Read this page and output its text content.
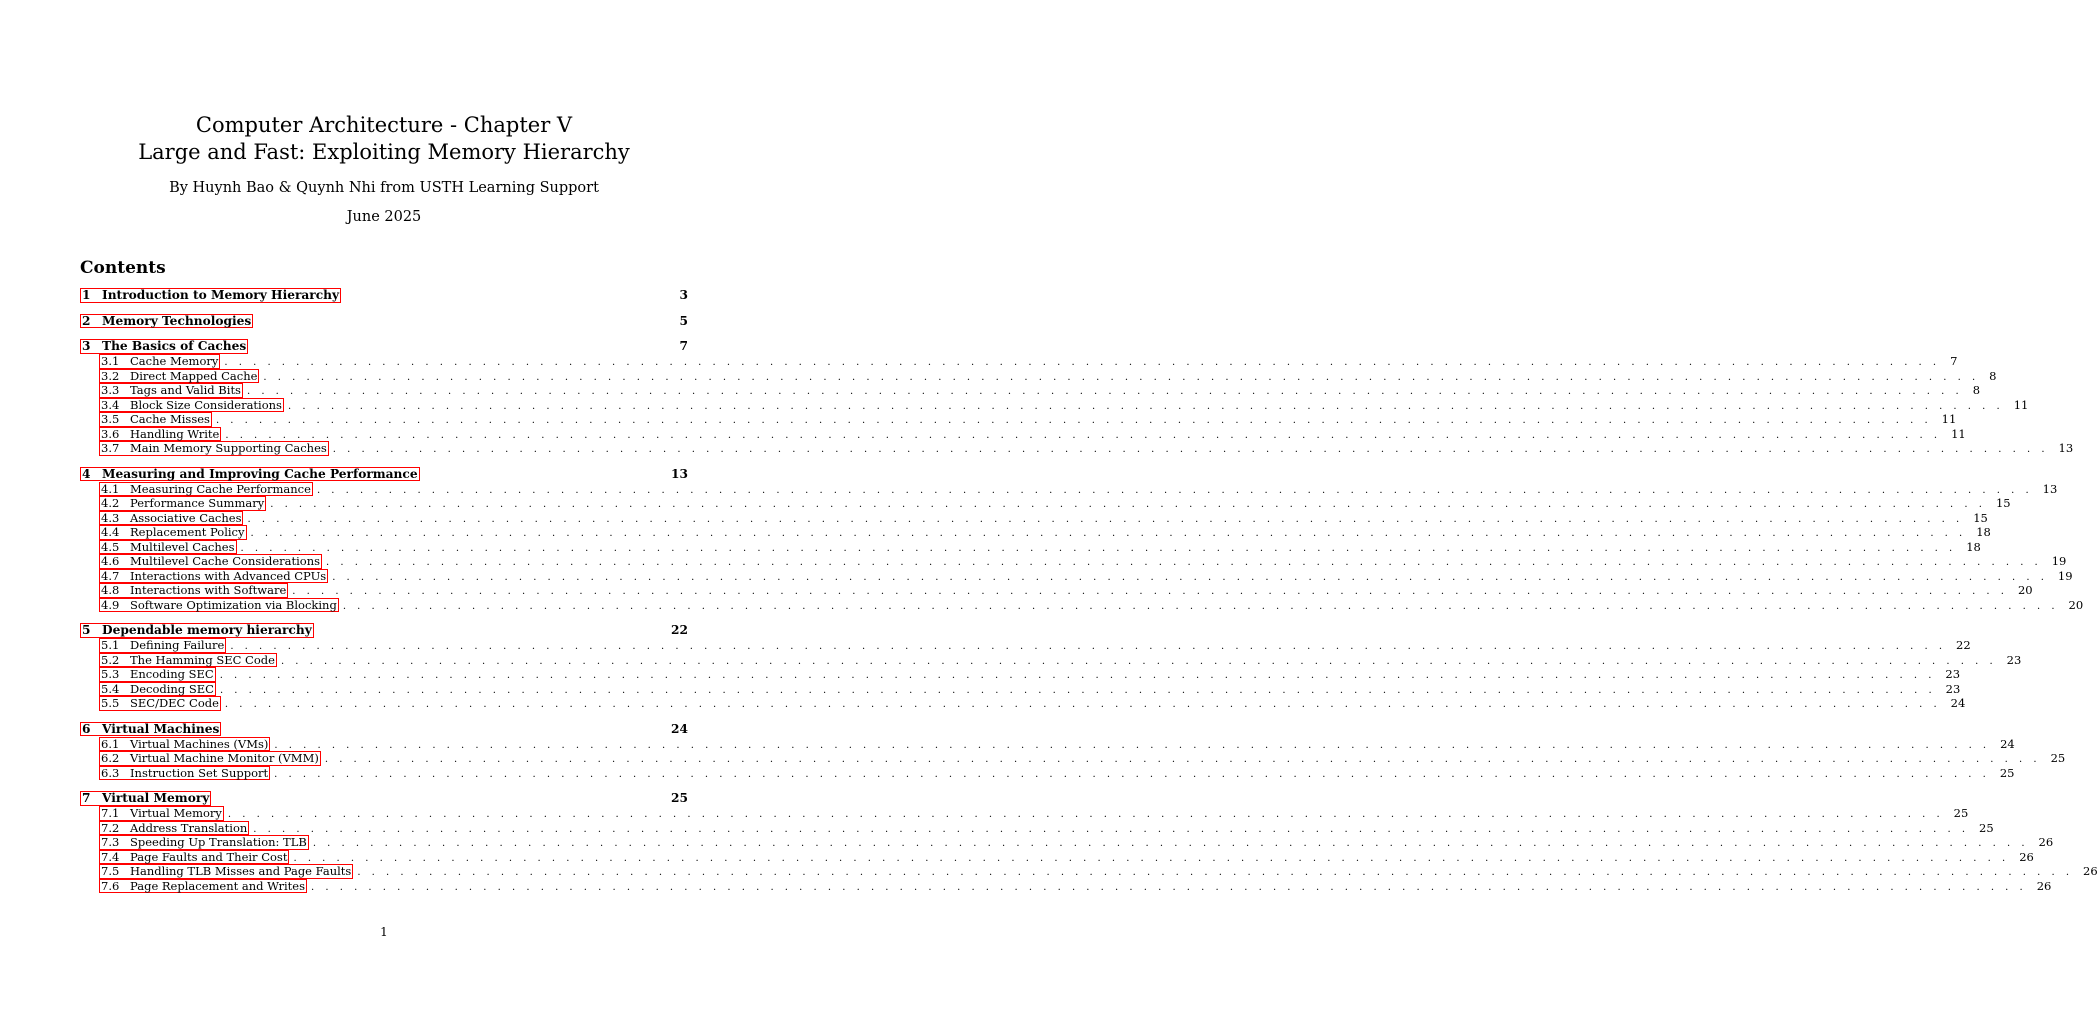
Computer Architecture - Chapter V
Large and Fast: Exploiting Memory Hierarchy
By Huynh Bao & Quynh Nhi from USTH Learning Support
June 2025
Contents
1 Introduction to Memory Hierarchy	3
2 Memory Technologies	5
3 The Basics of Caches	7
3.1 Cache Memory . . . . . . . . . . . . . . . . . . . . . . . . . . . . . . . . . . . . . . . . . . . . . . . . . . . . . . . . . . . . . . . . . . . . . . . . . . . . . . . . . . . . . . . . . . . . . . . . . . . . . . . . . . . . . . . . . . . . . . . . 7
3.2 Direct Mapped Cache . . . . . . . . . . . . . . . . . . . . . . . . . . . . . . . . . . . . . . . . . . . . . . . . . . . . . . . . . . . . . . . . . . . . . . . . . . . . . . . . . . . . . . . . . . . . . . . . . . . . . . . . . . . . . . . . . . . . . . . . 8
3.3 Tags and Valid Bits . . . . . . . . . . . . . . . . . . . . . . . . . . . . . . . . . . . . . . . . . . . . . . . . . . . . . . . . . . . . . . . . . . . . . . . . . . . . . . . . . . . . . . . . . . . . . . . . . . . . . . . . . . . . . . . . . . . . . . . . 8
3.4 Block Size Considerations . . . . . . . . . . . . . . . . . . . . . . . . . . . . . . . . . . . . . . . . . . . . . . . . . . . . . . . . . . . . . . . . . . . . . . . . . . . . . . . . . . . . . . . . . . . . . . . . . . . . . . . . . . . . . . . . . . . . . . . . 11
3.5 Cache Misses . . . . . . . . . . . . . . . . . . . . . . . . . . . . . . . . . . . . . . . . . . . . . . . . . . . . . . . . . . . . . . . . . . . . . . . . . . . . . . . . . . . . . . . . . . . . . . . . . . . . . . . . . . . . . . . . . . . . . . . . 11
3.6 Handling Write . . . . . . . . . . . . . . . . . . . . . . . . . . . . . . . . . . . . . . . . . . . . . . . . . . . . . . . . . . . . . . . . . . . . . . . . . . . . . . . . . . . . . . . . . . . . . . . . . . . . . . . . . . . . . . . . . . . . . . . . 11
3.7 Main Memory Supporting Caches . . . . . . . . . . . . . . . . . . . . . . . . . . . . . . . . . . . . . . . . . . . . . . . . . . . . . . . . . . . . . . . . . . . . . . . . . . . . . . . . . . . . . . . . . . . . . . . . . . . . . . . . . . . . . . . . . . . . . . . . 13
4 Measuring and Improving Cache Performance	13
4.1 Measuring Cache Performance . . . . . . . . . . . . . . . . . . . . . . . . . . . . . . . . . . . . . . . . . . . . . . . . . . . . . . . . . . . . . . . . . . . . . . . . . . . . . . . . . . . . . . . . . . . . . . . . . . . . . . . . . . . . . . . . . . . . . . . . 13
4.2 Performance Summary . . . . . . . . . . . . . . . . . . . . . . . . . . . . . . . . . . . . . . . . . . . . . . . . . . . . . . . . . . . . . . . . . . . . . . . . . . . . . . . . . . . . . . . . . . . . . . . . . . . . . . . . . . . . . . . . . . . . . . . . 15
4.3 Associative Caches . . . . . . . . . . . . . . . . . . . . . . . . . . . . . . . . . . . . . . . . . . . . . . . . . . . . . . . . . . . . . . . . . . . . . . . . . . . . . . . . . . . . . . . . . . . . . . . . . . . . . . . . . . . . . . . . . . . . . . . . 15
4.4 Replacement Policy . . . . . . . . . . . . . . . . . . . . . . . . . . . . . . . . . . . . . . . . . . . . . . . . . . . . . . . . . . . . . . . . . . . . . . . . . . . . . . . . . . . . . . . . . . . . . . . . . . . . . . . . . . . . . . . . . . . . . . . . 18
4.5 Multilevel Caches . . . . . . . . . . . . . . . . . . . . . . . . . . . . . . . . . . . . . . . . . . . . . . . . . . . . . . . . . . . . . . . . . . . . . . . . . . . . . . . . . . . . . . . . . . . . . . . . . . . . . . . . . . . . . . . . . . . . . . . . 18
4.6 Multilevel Cache Considerations . . . . . . . . . . . . . . . . . . . . . . . . . . . . . . . . . . . . . . . . . . . . . . . . . . . . . . . . . . . . . . . . . . . . . . . . . . . . . . . . . . . . . . . . . . . . . . . . . . . . . . . . . . . . . . . . . . . . . . . . 19
4.7 Interactions with Advanced CPUs . . . . . . . . . . . . . . . . . . . . . . . . . . . . . . . . . . . . . . . . . . . . . . . . . . . . . . . . . . . . . . . . . . . . . . . . . . . . . . . . . . . . . . . . . . . . . . . . . . . . . . . . . . . . . . . . . . . . . . . . 19
4.8 Interactions with Software . . . . . . . . . . . . . . . . . . . . . . . . . . . . . . . . . . . . . . . . . . . . . . . . . . . . . . . . . . . . . . . . . . . . . . . . . . . . . . . . . . . . . . . . . . . . . . . . . . . . . . . . . . . . . . . . . . . . . . . . 20
4.9 Software Optimization via Blocking . . . . . . . . . . . . . . . . . . . . . . . . . . . . . . . . . . . . . . . . . . . . . . . . . . . . . . . . . . . . . . . . . . . . . . . . . . . . . . . . . . . . . . . . . . . . . . . . . . . . . . . . . . . . . . . . . . . . . . . . 20
5 Dependable memory hierarchy	22
5.1 Defining Failure . . . . . . . . . . . . . . . . . . . . . . . . . . . . . . . . . . . . . . . . . . . . . . . . . . . . . . . . . . . . . . . . . . . . . . . . . . . . . . . . . . . . . . . . . . . . . . . . . . . . . . . . . . . . . . . . . . . . . . . . 22
5.2 The Hamming SEC Code . . . . . . . . . . . . . . . . . . . . . . . . . . . . . . . . . . . . . . . . . . . . . . . . . . . . . . . . . . . . . . . . . . . . . . . . . . . . . . . . . . . . . . . . . . . . . . . . . . . . . . . . . . . . . . . . . . . . . . . . 23
5.3 Encoding SEC . . . . . . . . . . . . . . . . . . . . . . . . . . . . . . . . . . . . . . . . . . . . . . . . . . . . . . . . . . . . . . . . . . . . . . . . . . . . . . . . . . . . . . . . . . . . . . . . . . . . . . . . . . . . . . . . . . . . . . . . 23
5.4 Decoding SEC . . . . . . . . . . . . . . . . . . . . . . . . . . . . . . . . . . . . . . . . . . . . . . . . . . . . . . . . . . . . . . . . . . . . . . . . . . . . . . . . . . . . . . . . . . . . . . . . . . . . . . . . . . . . . . . . . . . . . . . . 23
5.5 SEC/DEC Code . . . . . . . . . . . . . . . . . . . . . . . . . . . . . . . . . . . . . . . . . . . . . . . . . . . . . . . . . . . . . . . . . . . . . . . . . . . . . . . . . . . . . . . . . . . . . . . . . . . . . . . . . . . . . . . . . . . . . . . . 24
6 Virtual Machines	24
6.1 Virtual Machines (VMs) . . . . . . . . . . . . . . . . . . . . . . . . . . . . . . . . . . . . . . . . . . . . . . . . . . . . . . . . . . . . . . . . . . . . . . . . . . . . . . . . . . . . . . . . . . . . . . . . . . . . . . . . . . . . . . . . . . . . . . . . 24
6.2 Virtual Machine Monitor (VMM) . . . . . . . . . . . . . . . . . . . . . . . . . . . . . . . . . . . . . . . . . . . . . . . . . . . . . . . . . . . . . . . . . . . . . . . . . . . . . . . . . . . . . . . . . . . . . . . . . . . . . . . . . . . . . . . . . . . . . . . . 25
6.3 Instruction Set Support . . . . . . . . . . . . . . . . . . . . . . . . . . . . . . . . . . . . . . . . . . . . . . . . . . . . . . . . . . . . . . . . . . . . . . . . . . . . . . . . . . . . . . . . . . . . . . . . . . . . . . . . . . . . . . . . . . . . . . . . 25
7 Virtual Memory	25
7.1 Virtual Memory . . . . . . . . . . . . . . . . . . . . . . . . . . . . . . . . . . . . . . . . . . . . . . . . . . . . . . . . . . . . . . . . . . . . . . . . . . . . . . . . . . . . . . . . . . . . . . . . . . . . . . . . . . . . . . . . . . . . . . . . 25
7.2 Address Translation . . . . . . . . . . . . . . . . . . . . . . . . . . . . . . . . . . . . . . . . . . . . . . . . . . . . . . . . . . . . . . . . . . . . . . . . . . . . . . . . . . . . . . . . . . . . . . . . . . . . . . . . . . . . . . . . . . . . . . . . 25
7.3 Speeding Up Translation: TLB . . . . . . . . . . . . . . . . . . . . . . . . . . . . . . . . . . . . . . . . . . . . . . . . . . . . . . . . . . . . . . . . . . . . . . . . . . . . . . . . . . . . . . . . . . . . . . . . . . . . . . . . . . . . . . . . . . . . . . . . 26
7.4 Page Faults and Their Cost . . . . . . . . . . . . . . . . . . . . . . . . . . . . . . . . . . . . . . . . . . . . . . . . . . . . . . . . . . . . . . . . . . . . . . . . . . . . . . . . . . . . . . . . . . . . . . . . . . . . . . . . . . . . . . . . . . . . . . . . 26
7.5 Handling TLB Misses and Page Faults . . . . . . . . . . . . . . . . . . . . . . . . . . . . . . . . . . . . . . . . . . . . . . . . . . . . . . . . . . . . . . . . . . . . . . . . . . . . . . . . . . . . . . . . . . . . . . . . . . . . . . . . . . . . . . . . . . . . . . . . 26
7.6 Page Replacement and Writes . . . . . . . . . . . . . . . . . . . . . . . . . . . . . . . . . . . . . . . . . . . . . . . . . . . . . . . . . . . . . . . . . . . . . . . . . . . . . . . . . . . . . . . . . . . . . . . . . . . . . . . . . . . . . . . . . . . . . . . . 26
1
